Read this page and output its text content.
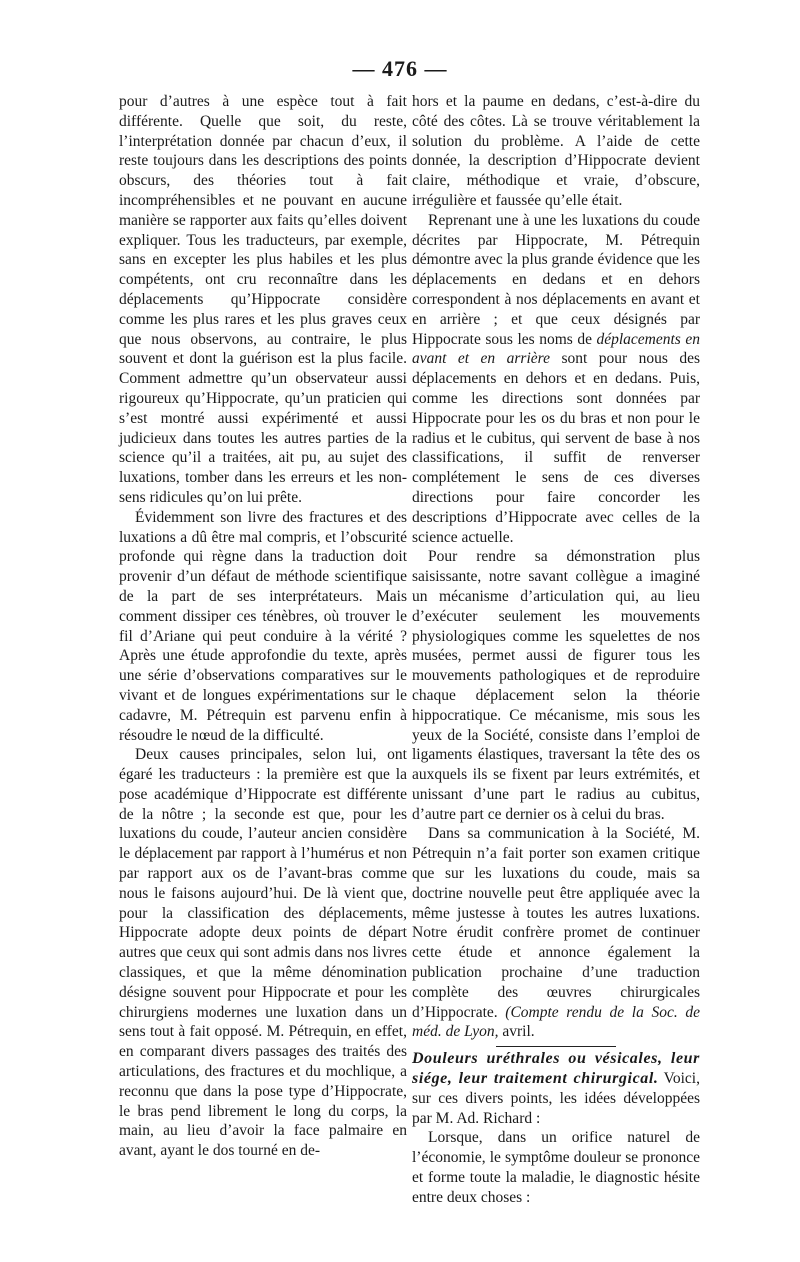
— 476 —

pour d’autres à une espèce tout à fait différente. Quelle que soit, du reste, l’interprétation donnée par chacun d’eux, il reste toujours dans les descriptions des points obscurs, des théories tout à fait incompréhensibles et ne pouvant en aucune manière se rapporter aux faits qu’elles doivent expliquer. Tous les traducteurs, par exemple, sans en excepter les plus habiles et les plus compétents, ont cru reconnaître dans les déplacements qu’Hippocrate considère comme les plus rares et les plus graves ceux que nous observons, au contraire, le plus souvent et dont la guérison est la plus facile. Comment admettre qu’un observateur aussi rigoureux qu’Hippocrate, qu’un praticien qui s’est montré aussi expérimenté et aussi judicieux dans toutes les autres parties de la science qu’il a traitées, ait pu, au sujet des luxations, tomber dans les erreurs et les non-sens ridicules qu’on lui prête.

Évidemment son livre des fractures et des luxations a dû être mal compris, et l’obscurité profonde qui règne dans la traduction doit provenir d’un défaut de méthode scientifique de la part de ses interprétateurs. Mais comment dissiper ces ténèbres, où trouver le fil d’Ariane qui peut conduire à la vérité ? Après une étude approfondie du texte, après une série d’observations comparatives sur le vivant et de longues expérimentations sur le cadavre, M. Pétrequin est parvenu enfin à résoudre le nœud de la difficulté.

Deux causes principales, selon lui, ont égaré les traducteurs : la première est que la pose académique d’Hippocrate est différente de la nôtre ; la seconde est que, pour les luxations du coude, l’auteur ancien considère le déplacement par rapport à l’humérus et non par rapport aux os de l’avant-bras comme nous le faisons aujourd’hui. De là vient que, pour la classification des déplacements, Hippocrate adopte deux points de départ autres que ceux qui sont admis dans nos livres classiques, et que la même dénomination désigne souvent pour Hippocrate et pour les chirurgiens modernes une luxation dans un sens tout à fait opposé. M. Pétrequin, en effet, en comparant divers passages des traités des articulations, des fractures et du mochlique, a reconnu que dans la pose type d’Hippocrate, le bras pend librement le long du corps, la main, au lieu d’avoir la face palmaire en avant, ayant le dos tourné en de-

hors et la paume en dedans, c’est-à-dire du côté des côtes. Là se trouve véritablement la solution du problème. A l’aide de cette donnée, la description d’Hippocrate devient claire, méthodique et vraie, d’obscure, irrégulière et faussée qu’elle était.

Reprenant une à une les luxations du coude décrites par Hippocrate, M. Pétrequin démontre avec la plus grande évidence que les déplacements en dedans et en dehors correspondent à nos déplacements en avant et en arrière ; et que ceux désignés par Hippocrate sous les noms de déplacements en avant et en arrière sont pour nous des déplacements en dehors et en dedans. Puis, comme les directions sont données par Hippocrate pour les os du bras et non pour le radius et le cubitus, qui servent de base à nos classifications, il suffit de renverser complétement le sens de ces diverses directions pour faire concorder les descriptions d’Hippocrate avec celles de la science actuelle.

Pour rendre sa démonstration plus saisissante, notre savant collègue a imaginé un mécanisme d’articulation qui, au lieu d’exécuter seulement les mouvements physiologiques comme les squelettes de nos musées, permet aussi de figurer tous les mouvements pathologiques et de reproduire chaque déplacement selon la théorie hippocratique. Ce mécanisme, mis sous les yeux de la Société, consiste dans l’emploi de ligaments élastiques, traversant la tête des os auxquels ils se fixent par leurs extrémités, et unissant d’une part le radius au cubitus, d’autre part ce dernier os à celui du bras.

Dans sa communication à la Société, M. Pétrequin n’a fait porter son examen critique que sur les luxations du coude, mais sa doctrine nouvelle peut être appliquée avec la même justesse à toutes les autres luxations. Notre érudit confrère promet de continuer cette étude et annonce également la publication prochaine d’une traduction complète des œuvres chirurgicales d’Hippocrate. (Compte rendu de la Soc. de méd. de Lyon, avril.

Douleurs uréthrales ou vésicales, leur siége, leur traitement chirurgical. Voici, sur ces divers points, les idées développées par M. Ad. Richard :

Lorsque, dans un orifice naturel de l’économie, le symptôme douleur se prononce et forme toute la maladie, le diagnostic hésite entre deux choses :
